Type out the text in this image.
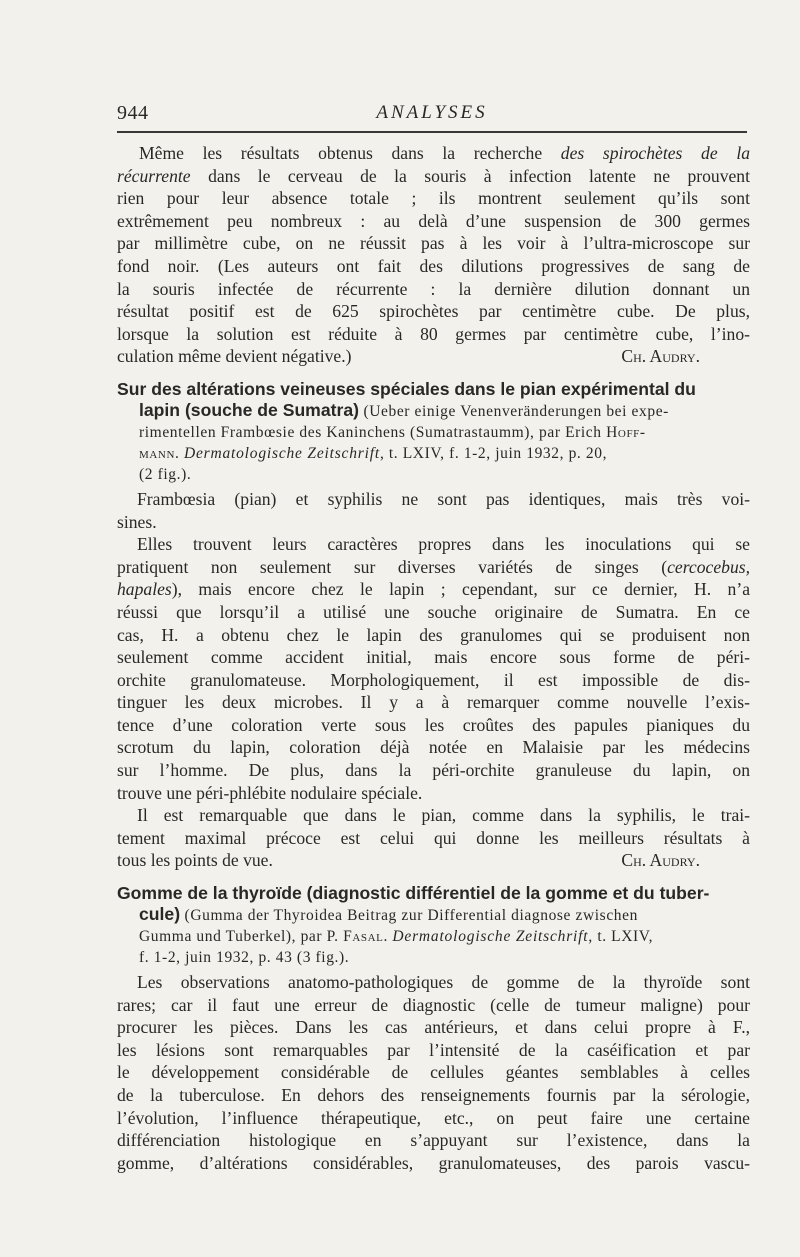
944	ANALYSES

Même les résultats obtenus dans la recherche des spirochètes de la

récurrente dans le cerveau de la souris à infection latente ne prouvent

rien pour leur absence totale ; ils montrent seulement qu’ils sont

extrêmement peu nombreux : au delà d’une suspension de 300 germes

par millimètre cube, on ne réussit pas à les voir à l’ultra-microscope sur

fond noir. (Les auteurs ont fait des dilutions progressives de sang de

la souris infectée de récurrente : la dernière dilution donnant un

résultat positif est de 625 spirochètes par centimètre cube. De plus,

lorsque la solution est réduite à 80 germes par centimètre cube, l’ino-

culation même devient négative.)	Ch. Audry.

Sur des altérations veineuses spéciales dans le pian expérimental du
lapin (souche de Sumatra) (Ueber einige Venenveränderungen bei expe-
rimentellen Frambœsie des Kaninchens (Sumatrastaumm), par Erich Hoff-
mann. Dermatologische Zeitschrift, t. LXIV, f. 1-2, juin 1932, p. 20,
(2 fig.).

Frambœsia (pian) et syphilis ne sont pas identiques, mais très voi-

sines.

Elles trouvent leurs caractères propres dans les inoculations qui se

pratiquent non seulement sur diverses variétés de singes (cercocebus,

hapales), mais encore chez le lapin ; cependant, sur ce dernier, H. n’a

réussi que lorsqu’il a utilisé une souche originaire de Sumatra. En ce

cas, H. a obtenu chez le lapin des granulomes qui se produisent non

seulement comme accident initial, mais encore sous forme de péri-

orchite granulomateuse. Morphologiquement, il est impossible de dis-

tinguer les deux microbes. Il y a à remarquer comme nouvelle l’exis-

tence d’une coloration verte sous les croûtes des papules pianiques du

scrotum du lapin, coloration déjà notée en Malaisie par les médecins

sur l’homme. De plus, dans la péri-orchite granuleuse du lapin, on

trouve une péri-phlébite nodulaire spéciale.

Il est remarquable que dans le pian, comme dans la syphilis, le trai-

tement maximal précoce est celui qui donne les meilleurs résultats à

tous les points de vue.	Ch. Audry.

Gomme de la thyroïde (diagnostic différentiel de la gomme et du tuber-
cule) (Gumma der Thyroidea Beitrag zur Differential diagnose zwischen
Gumma und Tuberkel), par P. Fasal. Dermatologische Zeitschrift, t. LXIV,
f. 1-2, juin 1932, p. 43 (3 fig.).

Les observations anatomo-pathologiques de gomme de la thyroïde sont

rares; car il faut une erreur de diagnostic (celle de tumeur maligne) pour

procurer les pièces. Dans les cas antérieurs, et dans celui propre à F.,

les lésions sont remarquables par l’intensité de la caséification et par

le développement considérable de cellules géantes semblables à celles

de la tuberculose. En dehors des renseignements fournis par la sérologie,

l’évolution, l’influence thérapeutique, etc., on peut faire une certaine

différenciation histologique en s’appuyant sur l’existence, dans la

gomme, d’altérations considérables, granulomateuses, des parois vascu-
